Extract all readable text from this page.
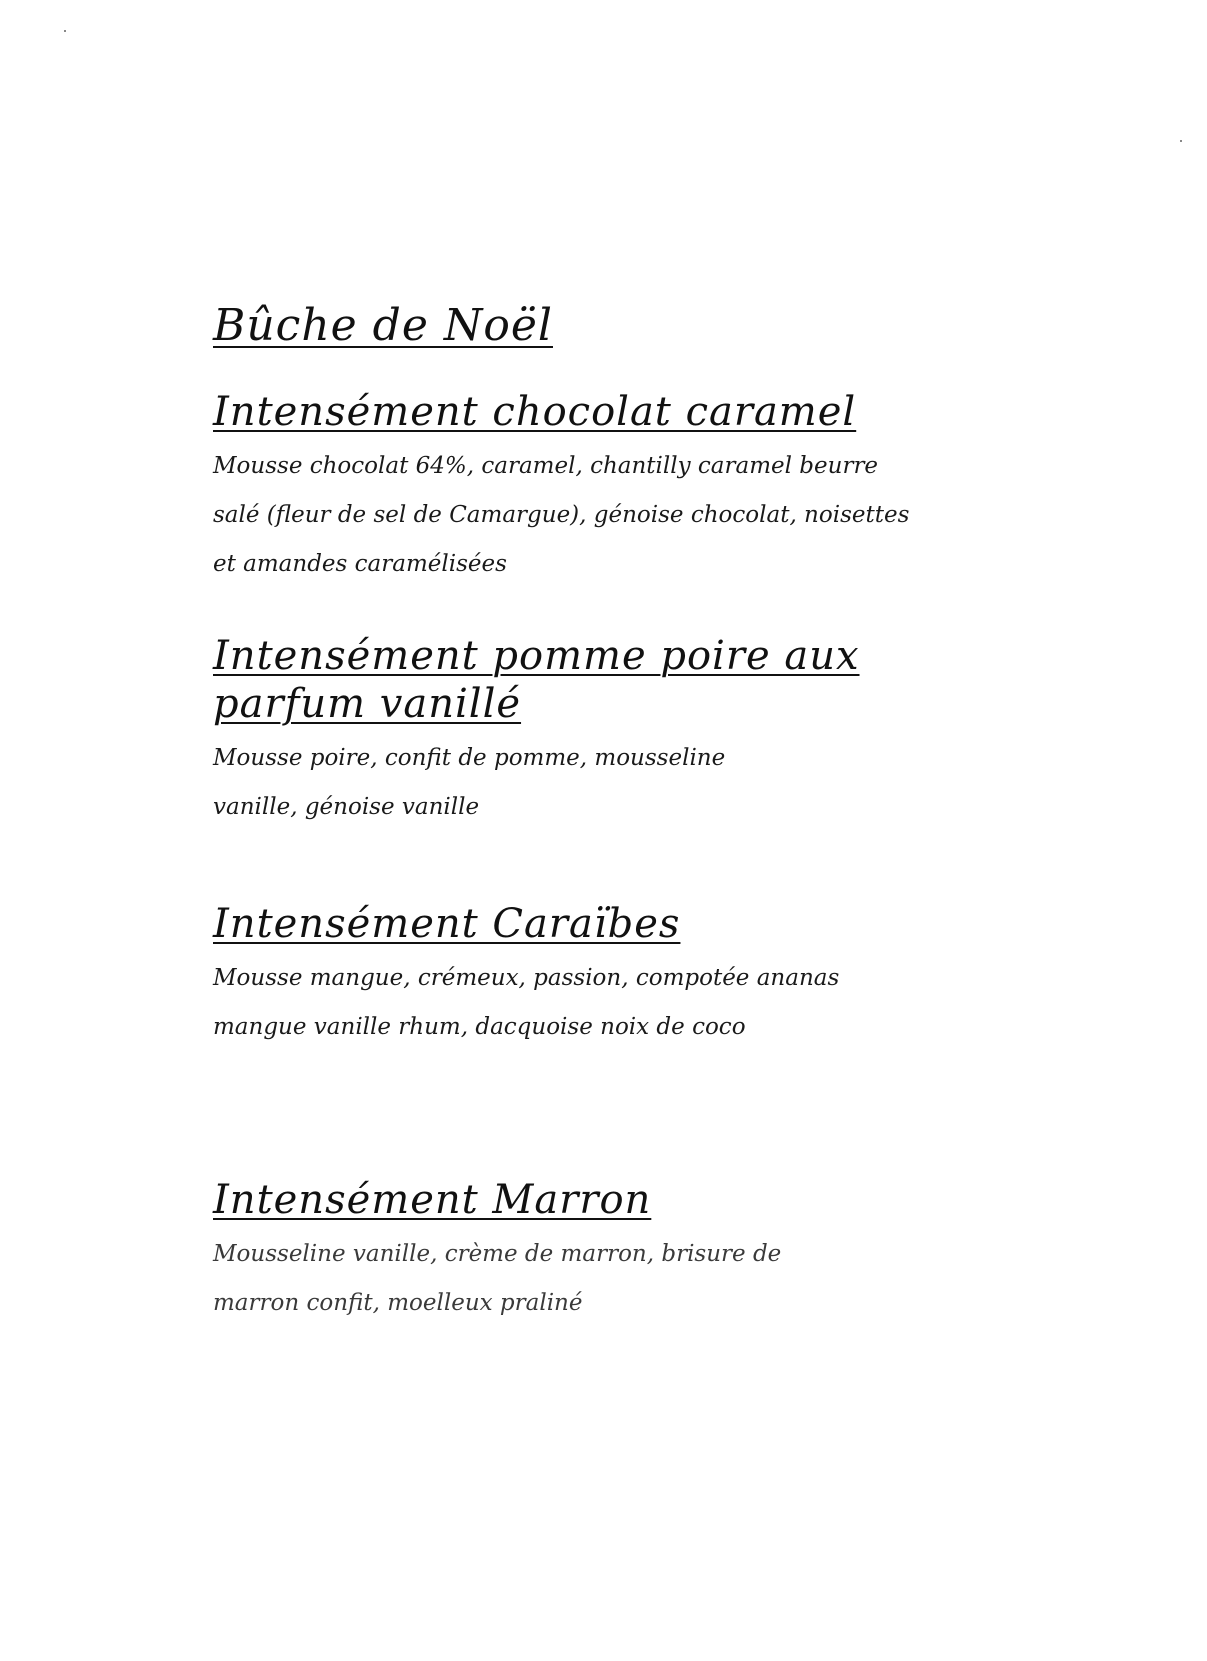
Bûche de Noël
Intensément chocolat caramel

Mousse chocolat 64%, caramel, chantilly caramel beurre salé (fleur de sel de Camargue), génoise chocolat, noisettes et amandes caramélisées

Intensément pomme poire aux parfum vanillé

Mousse poire, confit de pomme, mousseline vanille, génoise vanille

Intensément Caraïbes

Mousse mangue, crémeux, passion, compotée ananas mangue vanille rhum, dacquoise noix de coco

Intensément Marron

Mousseline vanille, crème de marron, brisure de marron confit, moelleux praliné
